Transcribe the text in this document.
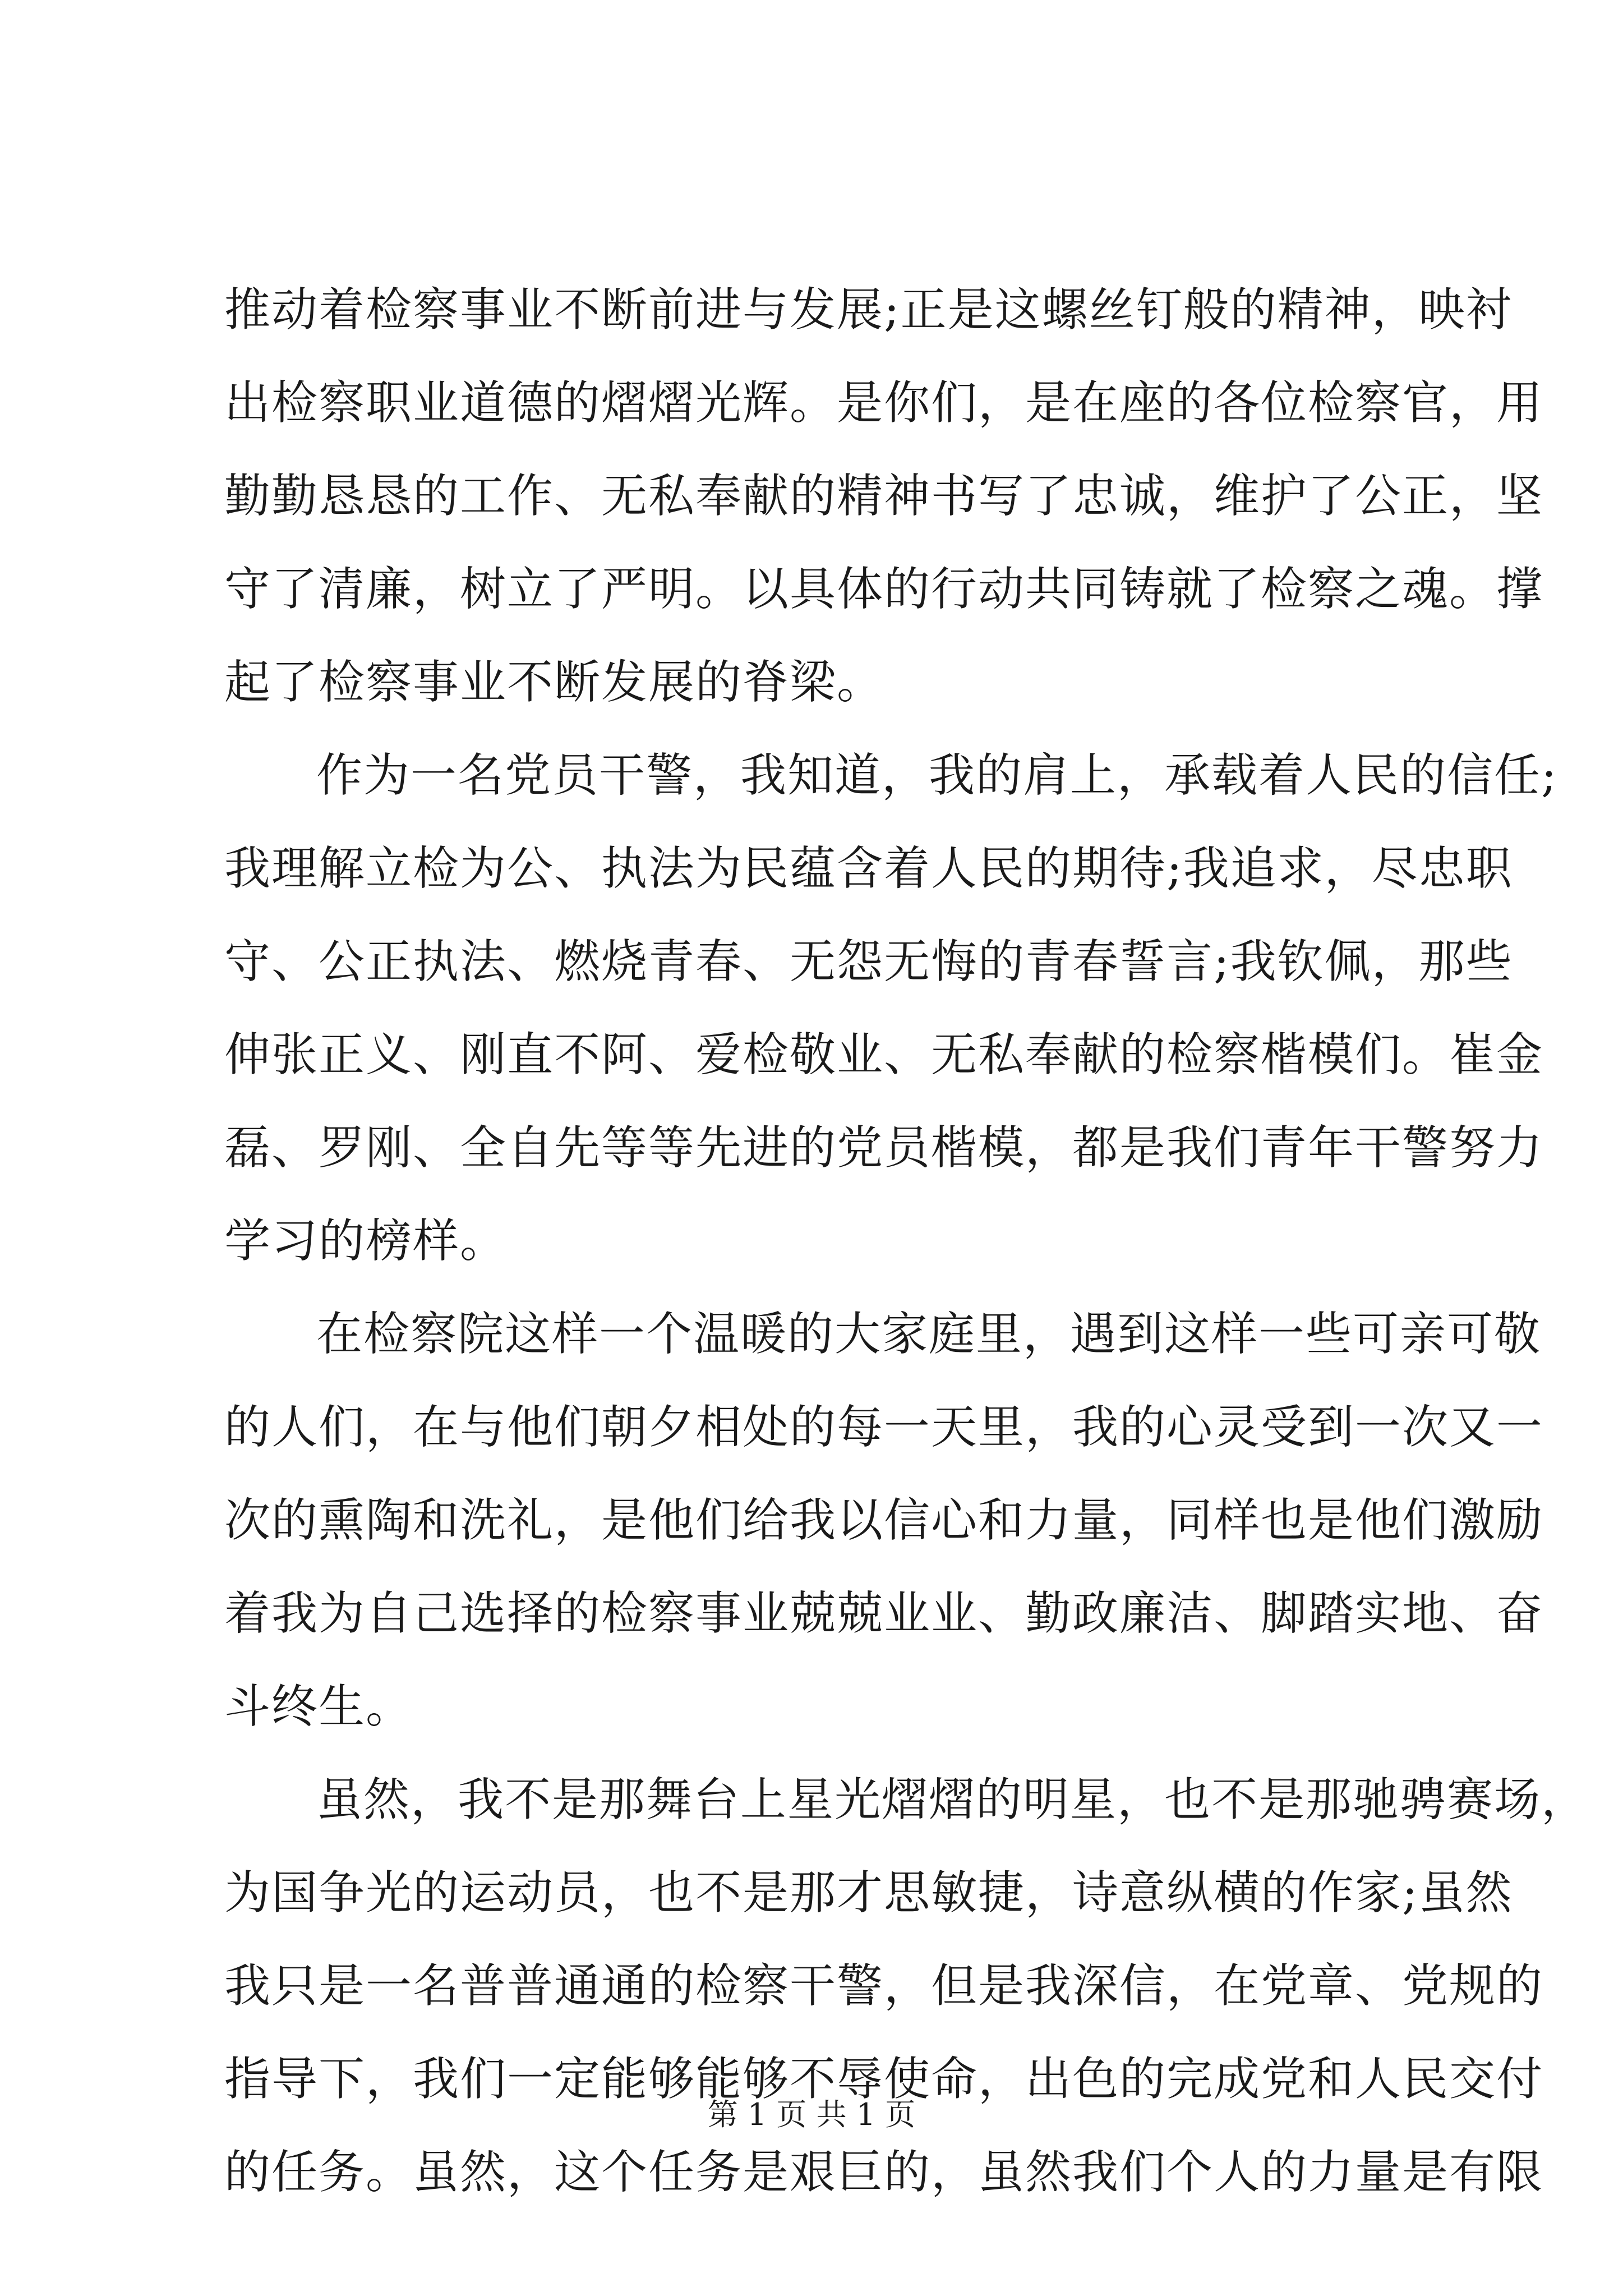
推动着检察事业不断前进与发展;正是这螺丝钉般的精神，映衬
出检察职业道德的熠熠光辉。是你们，是在座的各位检察官，用
勤勤恳恳的工作、无私奉献的精神书写了忠诚，维护了公正，坚
守了清廉，树立了严明。以具体的行动共同铸就了检察之魂。撑
起了检察事业不断发展的脊梁。
作为一名党员干警，我知道，我的肩上，承载着人民的信任;
我理解立检为公、执法为民蕴含着人民的期待;我追求，尽忠职
守、公正执法、燃烧青春、无怨无悔的青春誓言;我钦佩，那些
伸张正义、刚直不阿、爱检敬业、无私奉献的检察楷模们。崔金
磊、罗刚、全自先等等先进的党员楷模，都是我们青年干警努力
学习的榜样。
在检察院这样一个温暖的大家庭里，遇到这样一些可亲可敬
的人们，在与他们朝夕相处的每一天里，我的心灵受到一次又一
次的熏陶和洗礼，是他们给我以信心和力量，同样也是他们激励
着我为自己选择的检察事业兢兢业业、勤政廉洁、脚踏实地、奋
斗终生。
虽然，我不是那舞台上星光熠熠的明星，也不是那驰骋赛场，
为国争光的运动员，也不是那才思敏捷，诗意纵横的作家;虽然
我只是一名普普通通的检察干警，但是我深信，在党章、党规的
指导下，我们一定能够能够不辱使命，出色的完成党和人民交付
的任务。虽然，这个任务是艰巨的，虽然我们个人的力量是有限
第 1 页 共 1 页
